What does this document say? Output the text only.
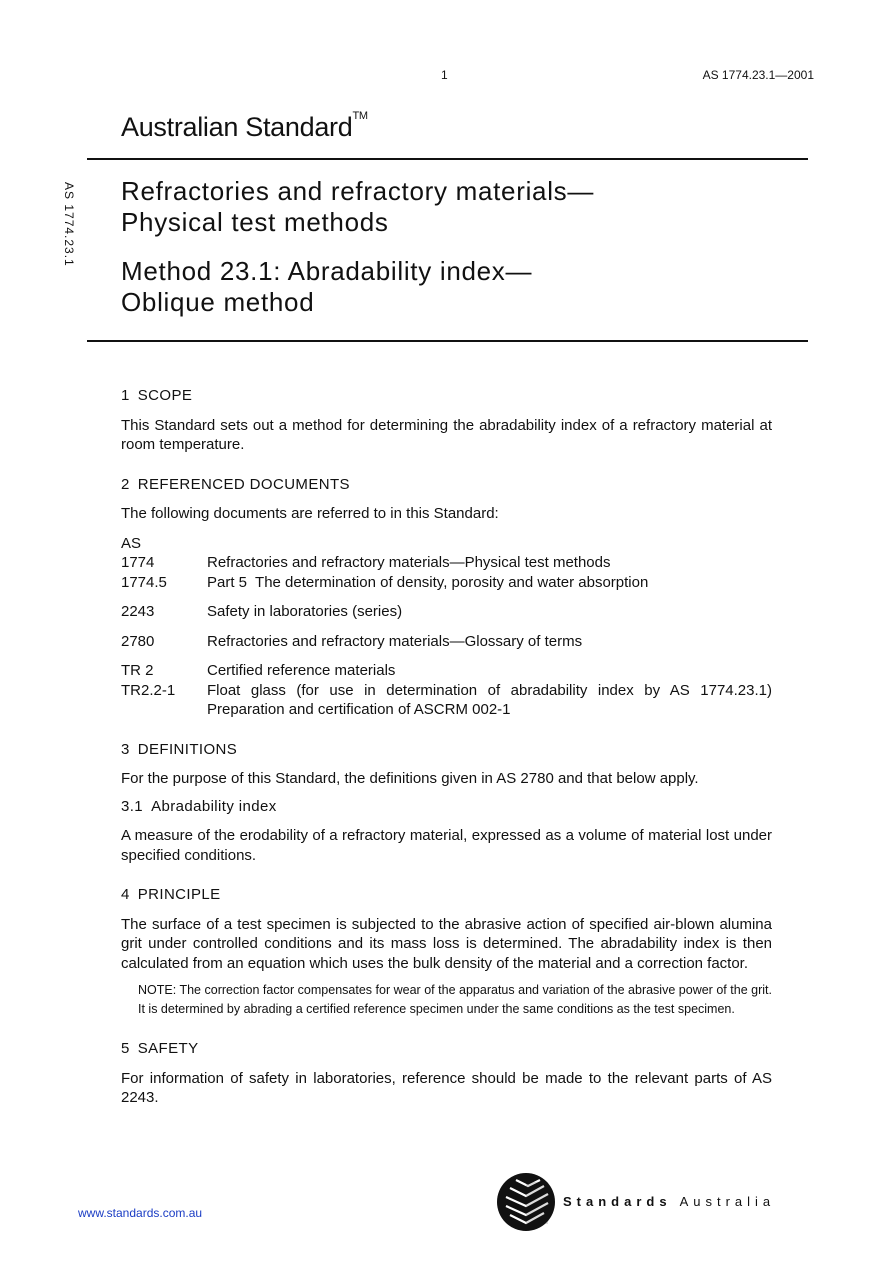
1	AS 1774.23.1—2001
Australian Standard™
AS 1774.23.1 Refractories and refractory materials—
Physical test methods
Method 23.1: Abradability index—
Oblique method
1 SCOPE

This Standard sets out a method for determining the abradability index of a refractory material at room temperature.

2 REFERENCED DOCUMENTS

The following documents are referred to in this Standard:

AS
1774	Refractories and refractory materials—Physical test methods
1774.5	Part 5 The determination of density, porosity and water absorption
2243	Safety in laboratories (series)
2780	Refractories and refractory materials—Glossary of terms
TR 2	Certified reference materials
TR2.2-1	Float glass (for use in determination of abradability index by AS 1774.23.1) Preparation and certification of ASCRM 002-1
3 DEFINITIONS

For the purpose of this Standard, the definitions given in AS 2780 and that below apply.

3.1 Abradability index

A measure of the erodability of a refractory material, expressed as a volume of material lost under specified conditions.

4 PRINCIPLE

The surface of a test specimen is subjected to the abrasive action of specified air-blown alumina grit under controlled conditions and its mass loss is determined. The abradability index is then calculated from an equation which uses the bulk density of the material and a correction factor.

NOTE: The correction factor compensates for wear of the apparatus and variation of the abrasive power of the grit. It is determined by abrading a certified reference specimen under the same conditions as the test specimen.
5 SAFETY

For information of safety in laboratories, reference should be made to the relevant parts of AS 2243.

www.standards.com.au
Standards Australia
